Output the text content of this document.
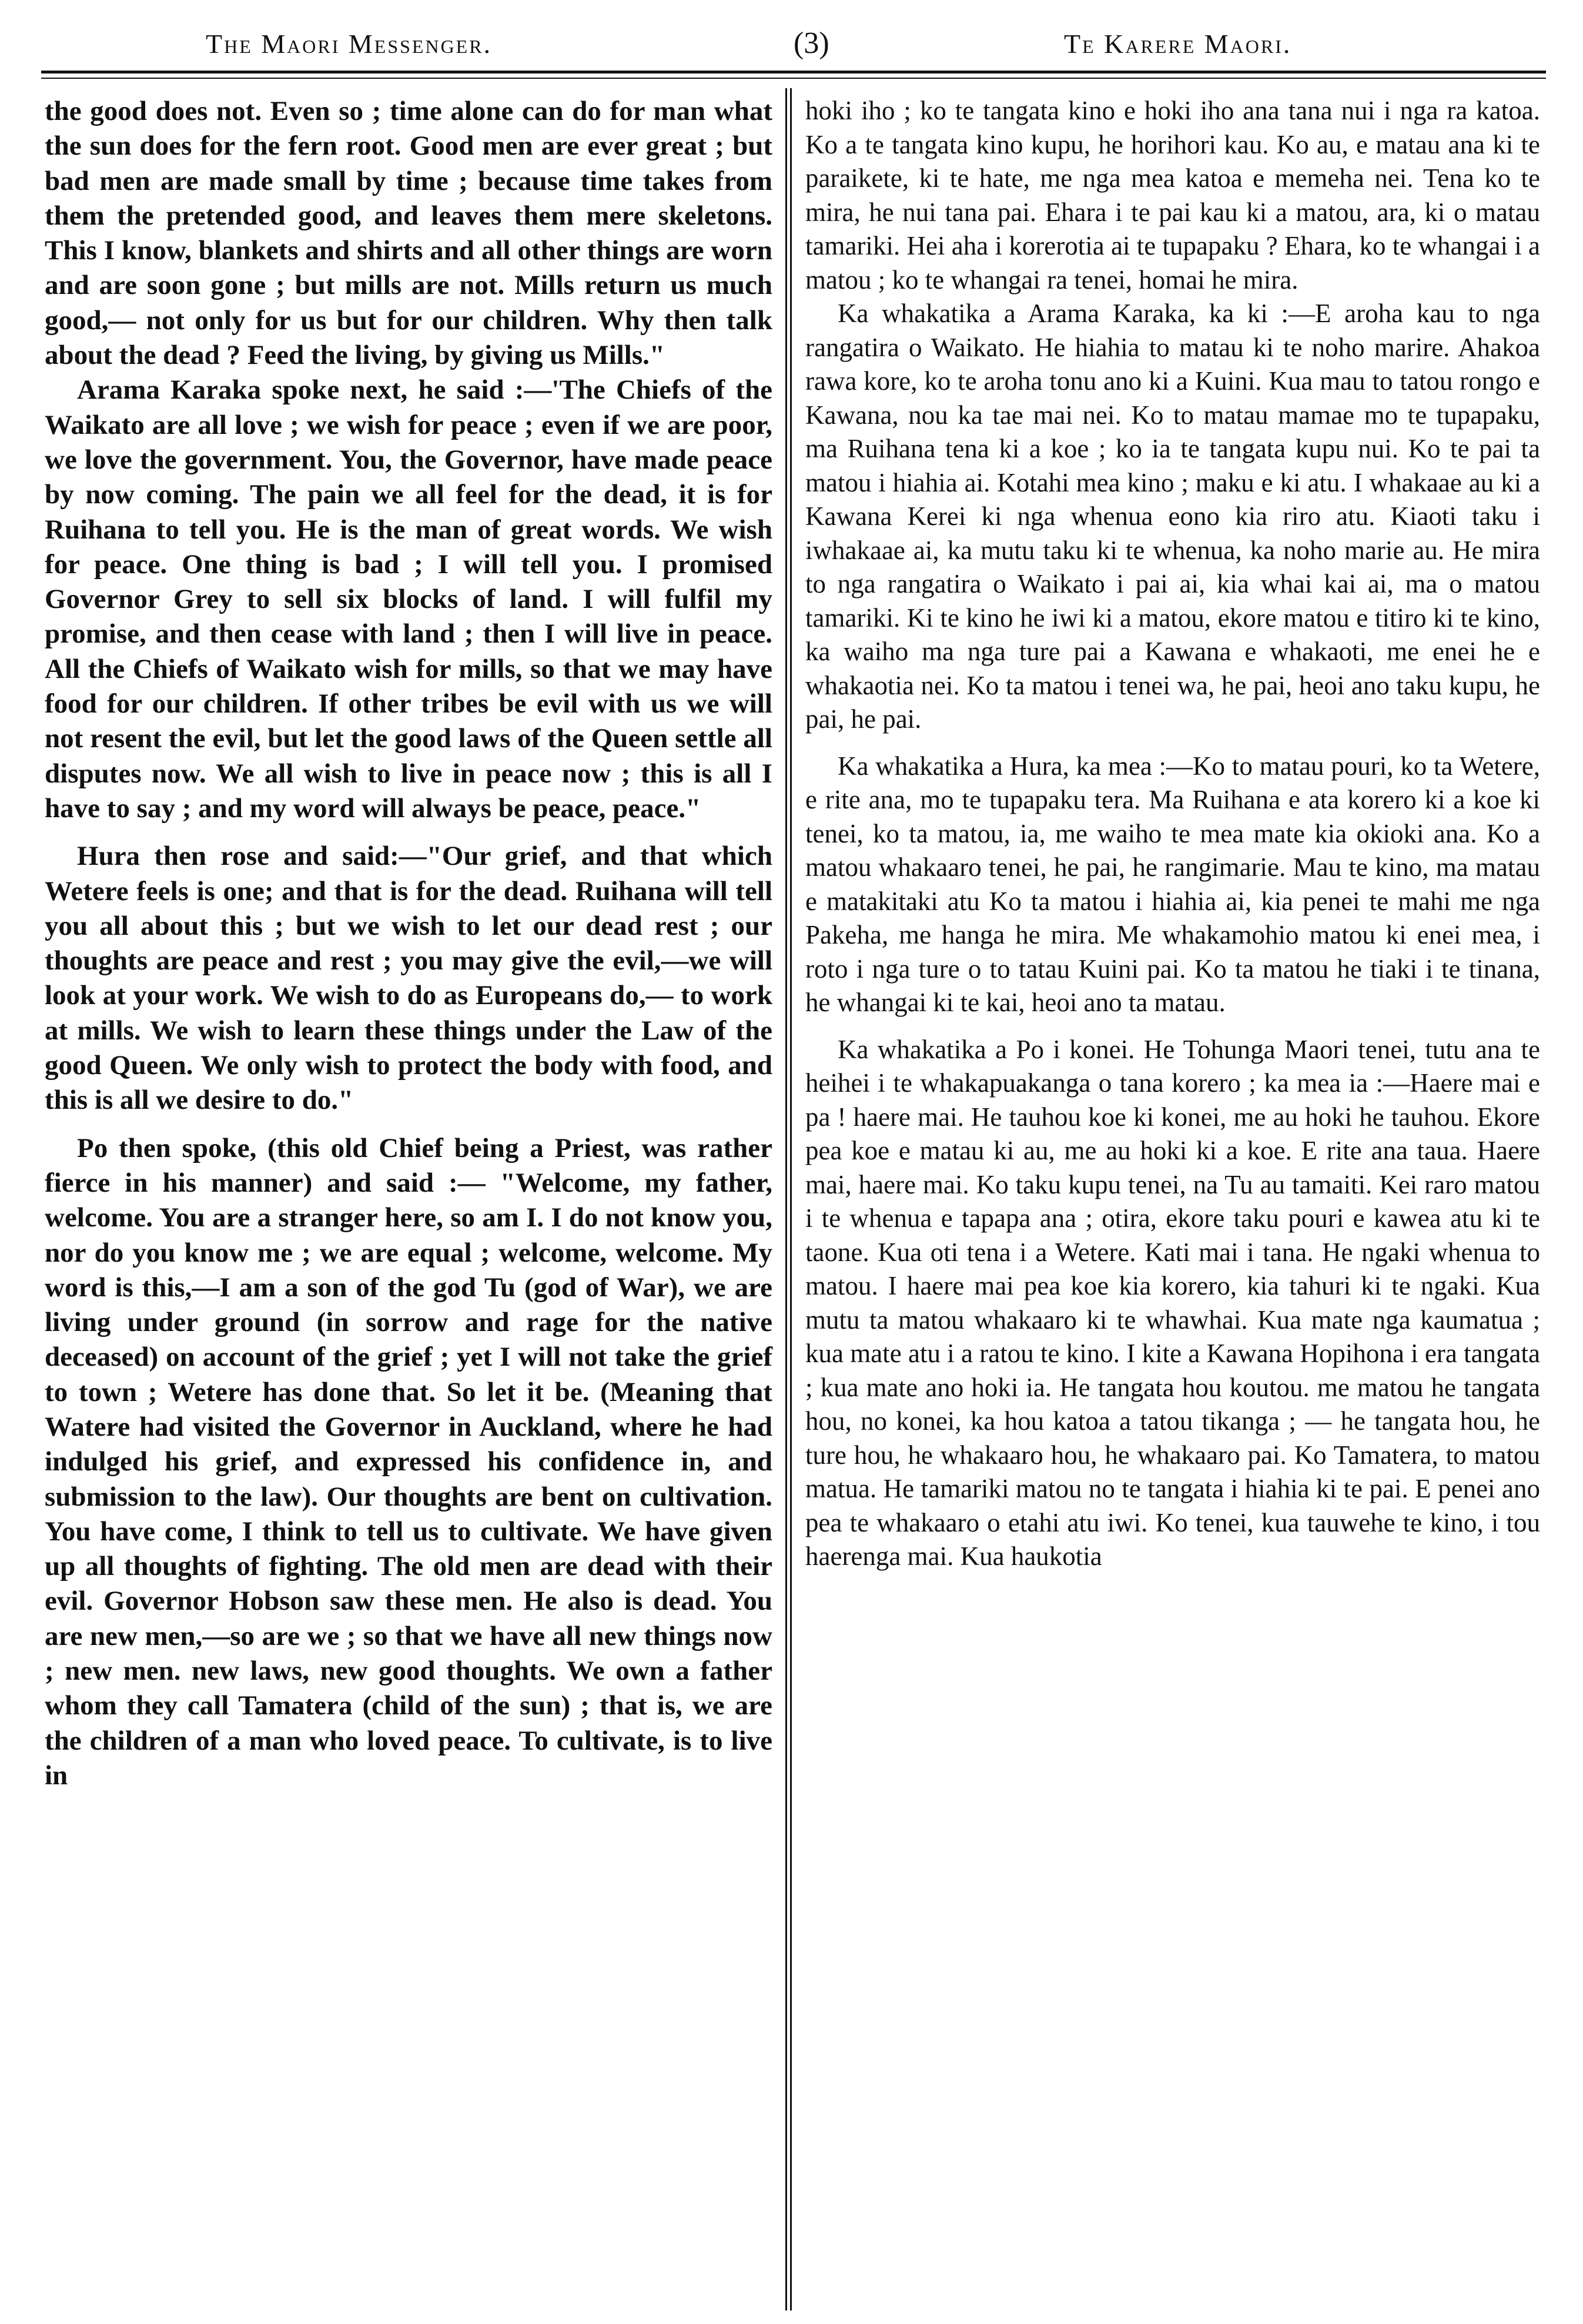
The Maori Messenger.	(3)	Te Karere Maori.

the good does not. Even so ; time alone can do for man what the sun does for the fern root. Good men are ever great ; but bad men are made small by time ; because time takes from them the pretended good, and leaves them mere skeletons. This I know, blankets and shirts and all other things are worn and are soon gone ; but mills are not. Mills return us much good,— not only for us but for our children. Why then talk about the dead ? Feed the living, by giving us Mills."

Arama Karaka spoke next, he said :—'The Chiefs of the Waikato are all love ; we wish for peace ; even if we are poor, we love the government. You, the Governor, have made peace by now coming. The pain we all feel for the dead, it is for Ruihana to tell you. He is the man of great words. We wish for peace. One thing is bad ; I will tell you. I promised Governor Grey to sell six blocks of land. I will fulfil my promise, and then cease with land ; then I will live in peace. All the Chiefs of Waikato wish for mills, so that we may have food for our children. If other tribes be evil with us we will not resent the evil, but let the good laws of the Queen settle all disputes now. We all wish to live in peace now ; this is all I have to say ; and my word will always be peace, peace."

Hura then rose and said:—"Our grief, and that which Wetere feels is one; and that is for the dead. Ruihana will tell you all about this ; but we wish to let our dead rest ; our thoughts are peace and rest ; you may give the evil,—we will look at your work. We wish to do as Europeans do,— to work at mills. We wish to learn these things under the Law of the good Queen. We only wish to protect the body with food, and this is all we desire to do."

Po then spoke, (this old Chief being a Priest, was rather fierce in his manner) and said :— "Welcome, my father, welcome. You are a stranger here, so am I. I do not know you, nor do you know me ; we are equal ; welcome, welcome. My word is this,—I am a son of the god Tu (god of War), we are living under ground (in sorrow and rage for the native deceased) on account of the grief ; yet I will not take the grief to town ; Wetere has done that. So let it be. (Meaning that Watere had visited the Governor in Auckland, where he had indulged his grief, and expressed his confidence in, and submission to the law). Our thoughts are bent on cultivation. You have come, I think to tell us to cultivate. We have given up all thoughts of fighting. The old men are dead with their evil. Governor Hobson saw these men. He also is dead. You are new men,—so are we ; so that we have all new things now ; new men. new laws, new good thoughts. We own a father whom they call Tamatera (child of the sun) ; that is, we are the children of a man who loved peace. To cultivate, is to live in

hoki iho ; ko te tangata kino e hoki iho ana tana nui i nga ra katoa. Ko a te tangata kino kupu, he horihori kau. Ko au, e matau ana ki te paraikete, ki te hate, me nga mea katoa e memeha nei. Tena ko te mira, he nui tana pai. Ehara i te pai kau ki a matou, ara, ki o matau tamariki. Hei aha i korerotia ai te tupapaku ? Ehara, ko te whangai i a matou ; ko te whangai ra tenei, homai he mira.

Ka whakatika a Arama Karaka, ka ki :—E aroha kau to nga rangatira o Waikato. He hiahia to matau ki te noho marire. Ahakoa rawa kore, ko te aroha tonu ano ki a Kuini. Kua mau to tatou rongo e Kawana, nou ka tae mai nei. Ko to matau mamae mo te tupapaku, ma Ruihana tena ki a koe ; ko ia te tangata kupu nui. Ko te pai ta matou i hiahia ai. Kotahi mea kino ; maku e ki atu. I whakaae au ki a Kawana Kerei ki nga whenua eono kia riro atu. Kiaoti taku i iwhakaae ai, ka mutu taku ki te whenua, ka noho marie au. He mira to nga rangatira o Waikato i pai ai, kia whai kai ai, ma o matou tamariki. Ki te kino he iwi ki a matou, ekore matou e titiro ki te kino, ka waiho ma nga ture pai a Kawana e whakaoti, me enei he e whakaotia nei. Ko ta matou i tenei wa, he pai, heoi ano taku kupu, he pai, he pai.

Ka whakatika a Hura, ka mea :—Ko to matau pouri, ko ta Wetere, e rite ana, mo te tupapaku tera. Ma Ruihana e ata korero ki a koe ki tenei, ko ta matou, ia, me waiho te mea mate kia okioki ana. Ko a matou whakaaro tenei, he pai, he rangimarie. Mau te kino, ma matau e matakitaki atu Ko ta matou i hiahia ai, kia penei te mahi me nga Pakeha, me hanga he mira. Me whakamohio matou ki enei mea, i roto i nga ture o to tatau Kuini pai. Ko ta matou he tiaki i te tinana, he whangai ki te kai, heoi ano ta matau.

Ka whakatika a Po i konei. He Tohunga Maori tenei, tutu ana te heihei i te whakapuakanga o tana korero ; ka mea ia :—Haere mai e pa ! haere mai. He tauhou koe ki konei, me au hoki he tauhou. Ekore pea koe e matau ki au, me au hoki ki a koe. E rite ana taua. Haere mai, haere mai. Ko taku kupu tenei, na Tu au tamaiti. Kei raro matou i te whenua e tapapa ana ; otira, ekore taku pouri e kawea atu ki te taone. Kua oti tena i a Wetere. Kati mai i tana. He ngaki whenua to matou. I haere mai pea koe kia korero, kia tahuri ki te ngaki. Kua mutu ta matou whakaaro ki te whawhai. Kua mate nga kaumatua ; kua mate atu i a ratou te kino. I kite a Kawana Hopihona i era tangata ; kua mate ano hoki ia. He tangata hou koutou. me matou he tangata hou, no konei, ka hou katoa a tatou tikanga ; — he tangata hou, he ture hou, he whakaaro hou, he whakaaro pai. Ko Tamatera, to matou matua. He tamariki matou no te tangata i hiahia ki te pai. E penei ano pea te whakaaro o etahi atu iwi. Ko tenei, kua tauwehe te kino, i tou haerenga mai. Kua haukotia
